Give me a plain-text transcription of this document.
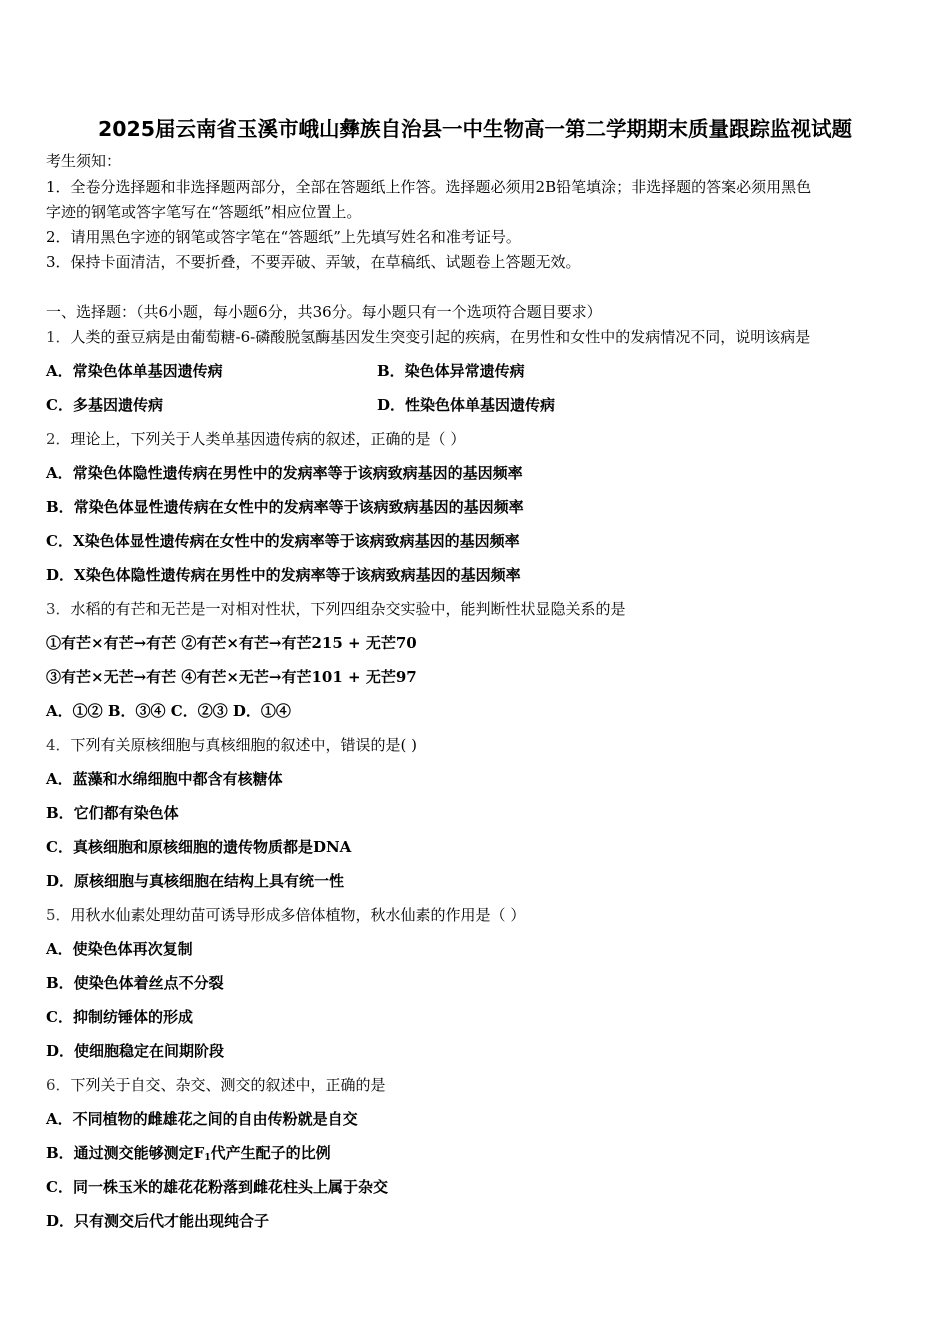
2025届云南省玉溪市峨山彝族自治县一中生物高一第二学期期末质量跟踪监视试题
考生须知：
1．全卷分选择题和非选择题两部分，全部在答题纸上作答。选择题必须用2B铅笔填涂；非选择题的答案必须用黑色
字迹的钢笔或答字笔写在“答题纸”相应位置上。
2．请用黑色字迹的钢笔或答字笔在“答题纸”上先填写姓名和准考证号。
3．保持卡面清洁，不要折叠，不要弄破、弄皱，在草稿纸、试题卷上答题无效。
一、选择题：（共6小题，每小题6分，共36分。每小题只有一个选项符合题目要求）
1．人类的蚕豆病是由葡萄糖-6-磷酸脱氢酶基因发生突变引起的疾病，在男性和女性中的发病情况不同，说明该病是
A．常染色体单基因遗传病	B．染色体异常遗传病
C．多基因遗传病	D．性染色体单基因遗传病
2．理论上，下列关于人类单基因遗传病的叙述，正确的是（ ）
A．常染色体隐性遗传病在男性中的发病率等于该病致病基因的基因频率
B．常染色体显性遗传病在女性中的发病率等于该病致病基因的基因频率
C．X染色体显性遗传病在女性中的发病率等于该病致病基因的基因频率
D．X染色体隐性遗传病在男性中的发病率等于该病致病基因的基因频率
3．水稻的有芒和无芒是一对相对性状，下列四组杂交实验中，能判断性状显隐关系的是
①有芒×有芒→有芒 ②有芒×有芒→有芒215 + 无芒70
③有芒×无芒→有芒 ④有芒×无芒→有芒101 + 无芒97
A．①② B．③④ C．②③ D．①④
4．下列有关原核细胞与真核细胞的叙述中，错误的是( )
A．蓝藻和水绵细胞中都含有核糖体
B．它们都有染色体
C．真核细胞和原核细胞的遗传物质都是DNA
D．原核细胞与真核细胞在结构上具有统一性
5．用秋水仙素处理幼苗可诱导形成多倍体植物，秋水仙素的作用是（ ）
A．使染色体再次复制
B．使染色体着丝点不分裂
C．抑制纺锤体的形成
D．使细胞稳定在间期阶段
6．下列关于自交、杂交、测交的叙述中，正确的是
A．不同植物的雌雄花之间的自由传粉就是自交
B．通过测交能够测定$F_1$代产生配子的比例
C．同一株玉米的雄花花粉落到雌花柱头上属于杂交
D．只有测交后代才能出现纯合子
